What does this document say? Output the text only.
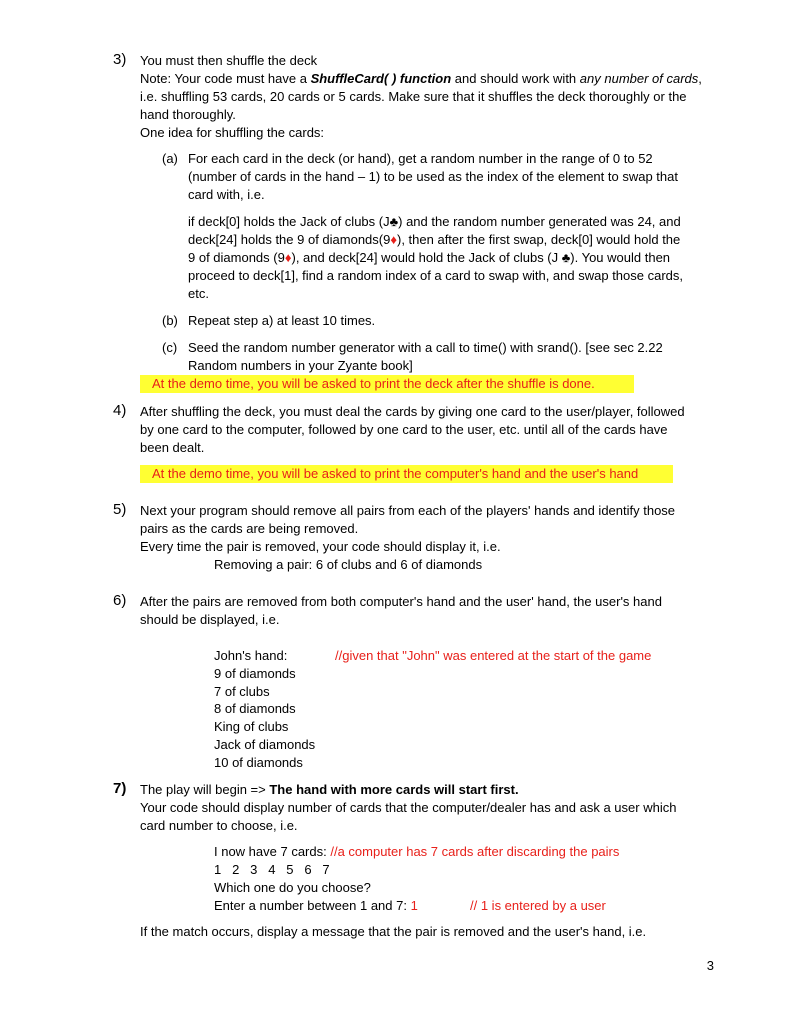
3) You must then shuffle the deck
Note: Your code must have a ShuffleCard( ) function and should work with any number of cards,
i.e. shuffling 53 cards, 20 cards or 5 cards. Make sure that it shuffles the deck thoroughly or the
hand thoroughly.
One idea for shuffling the cards:
(a) For each card in the deck (or hand), get a random number in the range of 0 to 52
(number of cards in the hand – 1) to be used as the index of the element to swap that
card with, i.e.
if deck[0] holds the Jack of clubs (J♣) and the random number generated was 24, and
deck[24] holds the 9 of diamonds(9♦), then after the first swap, deck[0] would hold the
9 of diamonds (9♦), and deck[24] would hold the Jack of clubs (J ♣). You would then
proceed to deck[1], find a random index of a card to swap with, and swap those cards,
etc.
(b) Repeat step a) at least 10 times.
(c) Seed the random number generator with a call to time() with srand(). [see sec 2.22
Random numbers in your Zyante book]
At the demo time, you will be asked to print the deck after the shuffle is done.
4) After shuffling the deck, you must deal the cards by giving one card to the user/player, followed
by one card to the computer, followed by one card to the user, etc. until all of the cards have
been dealt.
At the demo time, you will be asked to print the computer's hand and the user's hand
5) Next your program should remove all pairs from each of the players' hands and identify those
pairs as the cards are being removed.
Every time the pair is removed, your code should display it, i.e.
Removing a pair: 6 of clubs and 6 of diamonds
6) After the pairs are removed from both computer's hand and the user' hand, the user's hand
should be displayed, i.e.
John's hand:	//given that "John" was entered at the start of the game
9 of diamonds
7 of clubs
8 of diamonds
King of clubs
Jack of diamonds
10 of diamonds
7) The play will begin => The hand with more cards will start first.
Your code should display number of cards that the computer/dealer has and ask a user which
card number to choose, i.e.
I now have 7 cards: //a computer has 7 cards after discarding the pairs
1   2   3   4   5   6   7
Which one do you choose?
Enter a number between 1 and 7: 1	// 1 is entered by a user
If the match occurs, display a message that the pair is removed and the user's hand, i.e.
3
